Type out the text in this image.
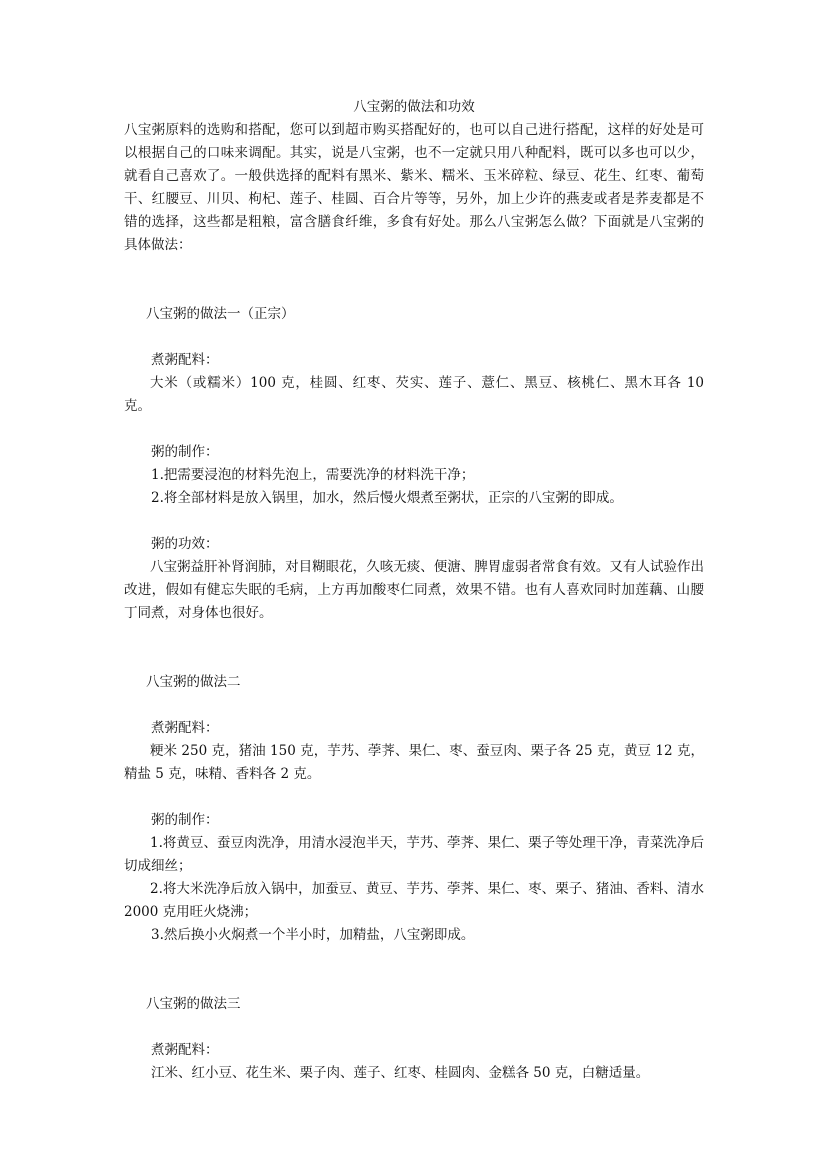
八宝粥的做法和功效
八宝粥原料的选购和搭配，您可以到超市购买搭配好的，也可以自己进行搭配，这样的好处是可以根据自己的口味来调配。其实，说是八宝粥，也不一定就只用八种配料，既可以多也可以少，就看自己喜欢了。一般供选择的配料有黑米、紫米、糯米、玉米碎粒、绿豆、花生、红枣、葡萄干、红腰豆、川贝、枸杞、莲子、桂圆、百合片等等，另外，加上少许的燕麦或者是荞麦都是不错的选择，这些都是粗粮，富含膳食纤维，多食有好处。那么八宝粥怎么做？下面就是八宝粥的具体做法：
八宝粥的做法一（正宗）
煮粥配料：
大米（或糯米）100 克，桂圆、红枣、芡实、莲子、薏仁、黑豆、核桃仁、黑木耳各 10 克。
粥的制作：
1.把需要浸泡的材料先泡上，需要洗净的材料洗干净；
2.将全部材料是放入锅里，加水，然后慢火煨煮至粥状，正宗的八宝粥的即成。
粥的功效：
八宝粥益肝补肾润肺，对目糊眼花，久咳无痰、便溏、脾胃虚弱者常食有效。又有人试验作出改进，假如有健忘失眠的毛病，上方再加酸枣仁同煮，效果不错。也有人喜欢同时加莲藕、山腰丁同煮，对身体也很好。
八宝粥的做法二
煮粥配料：
粳米 250 克，猪油 150 克，芋艿、荸荠、果仁、枣、蚕豆肉、栗子各 25 克，黄豆 12 克，精盐 5 克，味精、香料各 2 克。
粥的制作：
1.将黄豆、蚕豆肉洗净，用清水浸泡半天，芋艿、荸荠、果仁、栗子等处理干净，青菜洗净后切成细丝；
2.将大米洗净后放入锅中，加蚕豆、黄豆、芋艿、荸荠、果仁、枣、栗子、猪油、香料、清水 2000 克用旺火烧沸；
3.然后换小火焖煮一个半小时，加精盐，八宝粥即成。
八宝粥的做法三
煮粥配料：
江米、红小豆、花生米、栗子肉、莲子、红枣、桂圆肉、金糕各 50 克，白糖适量。
